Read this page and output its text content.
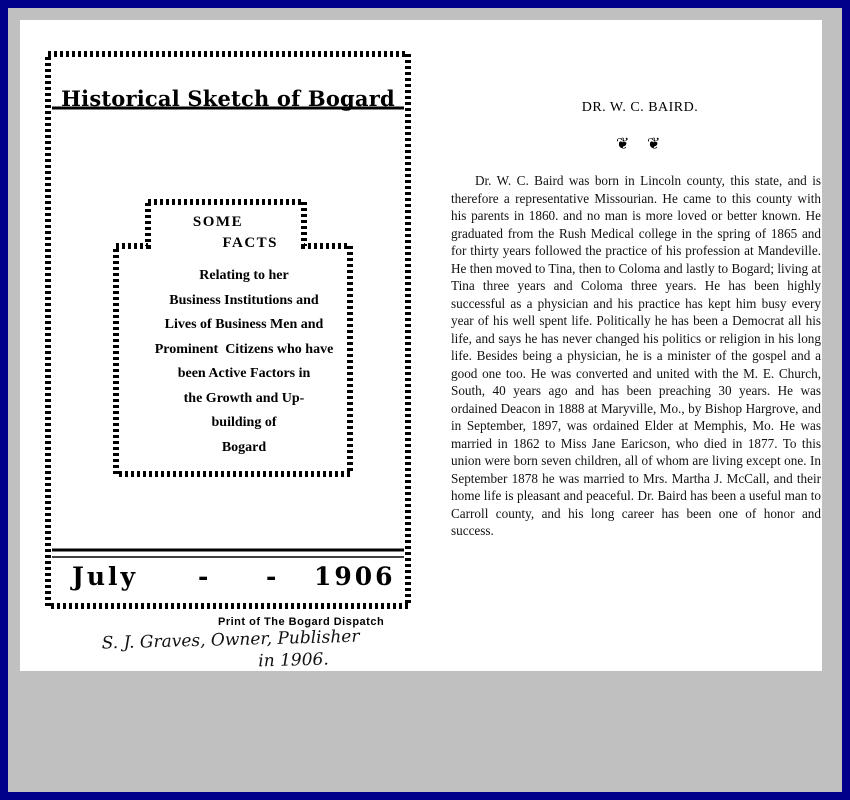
Historical Sketch of Bogard
SOME
FACTS
Relating to her
Business Institutions and
Lives of Business Men and
Prominent  Citizens who have
been Active Factors in
the Growth and Up-
building of
Bogard
July - - 1906
Print of The Bogard Dispatch
S. J. Graves, Owner, Publisher
in 1906.
DR. W. C. BAIRD.
❦ ❦

Dr. W. C. Baird was born in Lincoln county, this state, and is therefore a representative Missourian. He came to this county with his parents in 1860. and no man is more loved or better known. He graduated from the Rush Medical college in the spring of 1865 and for thirty years followed the practice of his profession at Mandeville. He then moved to Tina, then to Coloma and lastly to Bogard; living at Tina three years and Coloma three years. He has been highly successful as a physician and his practice has kept him busy every year of his well spent life. Politically he has been a Democrat all his life, and says he has never changed his politics or religion in his long life. Besides being a physician, he is a minister of the gospel and a good one too. He was converted and united with the M. E. Church, South, 40 years ago and has been preaching 30 years. He was ordained Deacon in 1888 at Maryville, Mo., by Bishop Hargrove, and in September, 1897, was ordained Elder at Memphis, Mo. He was married in 1862 to Miss Jane Earicson, who died in 1877. To this union were born seven children, all of whom are living except one. In September 1878 he was married to Mrs. Martha J. McCall, and their home life is pleasant and peaceful. Dr. Baird has been a useful man to Carroll county, and his long career has been one of honor and success.
